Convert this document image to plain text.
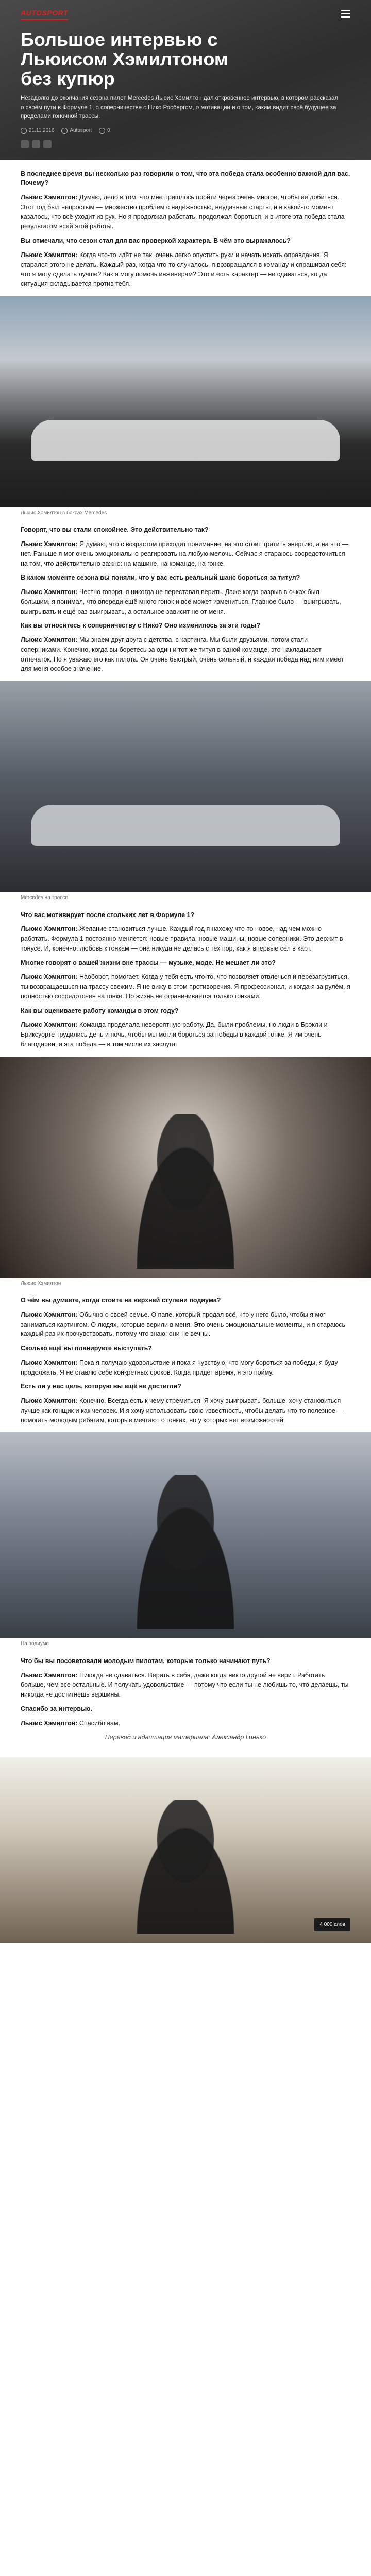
AUTOSPORT
Большое интервью с Льюисом Хэмилтоном без купюр

Незадолго до окончания сезона пилот Mercedes Льюис Хэмилтон дал откровенное интервью, в котором рассказал о своём пути в Формуле 1, о соперничестве с Нико Росбергом, о мотивации и о том, каким видит своё будущее за пределами гоночной трассы.

21.11.2016	Autosport	0

В последнее время вы несколько раз говорили о том, что эта победа стала особенно важной для вас. Почему?

Льюис Хэмилтон: Думаю, дело в том, что мне пришлось пройти через очень многое, чтобы её добиться. Этот год был непростым — множество проблем с надёжностью, неудачные старты, и в какой-то момент казалось, что всё уходит из рук. Но я продолжал работать, продолжал бороться, и в итоге эта победа стала результатом всей этой работы.

Вы отмечали, что сезон стал для вас проверкой характера. В чём это выражалось?

Льюис Хэмилтон: Когда что-то идёт не так, очень легко опустить руки и начать искать оправдания. Я старался этого не делать. Каждый раз, когда что-то случалось, я возвращался в команду и спрашивал себя: что я могу сделать лучше? Как я могу помочь инженерам? Это и есть характер — не сдаваться, когда ситуация складывается против тебя.

Льюис Хэмилтон в боксах Mercedes

Говорят, что вы стали спокойнее. Это действительно так?

Льюис Хэмилтон: Я думаю, что с возрастом приходит понимание, на что стоит тратить энергию, а на что — нет. Раньше я мог очень эмоционально реагировать на любую мелочь. Сейчас я стараюсь сосредоточиться на том, что действительно важно: на машине, на команде, на гонке.

В каком моменте сезона вы поняли, что у вас есть реальный шанс бороться за титул?

Льюис Хэмилтон: Честно говоря, я никогда не переставал верить. Даже когда разрыв в очках был большим, я понимал, что впереди ещё много гонок и всё может измениться. Главное было — выигрывать, выигрывать и ещё раз выигрывать, а остальное зависит не от меня.

Как вы относитесь к соперничеству с Нико? Оно изменилось за эти годы?

Льюис Хэмилтон: Мы знаем друг друга с детства, с картинга. Мы были друзьями, потом стали соперниками. Конечно, когда вы боретесь за один и тот же титул в одной команде, это накладывает отпечаток. Но я уважаю его как пилота. Он очень быстрый, очень сильный, и каждая победа над ним имеет для меня особое значение.

Mercedes на трассе

Что вас мотивирует после стольких лет в Формуле 1?

Льюис Хэмилтон: Желание становиться лучше. Каждый год я нахожу что-то новое, над чем можно работать. Формула 1 постоянно меняется: новые правила, новые машины, новые соперники. Это держит в тонусе. И, конечно, любовь к гонкам — она никуда не делась с тех пор, как я впервые сел в карт.

Многие говорят о вашей жизни вне трассы — музыке, моде. Не мешает ли это?

Льюис Хэмилтон: Наоборот, помогает. Когда у тебя есть что-то, что позволяет отвлечься и перезагрузиться, ты возвращаешься на трассу свежим. Я не вижу в этом противоречия. Я профессионал, и когда я за рулём, я полностью сосредоточен на гонке. Но жизнь не ограничивается только гонками.

Как вы оцениваете работу команды в этом году?

Льюис Хэмилтон: Команда проделала невероятную работу. Да, были проблемы, но люди в Брэкли и Бриксуорте трудились день и ночь, чтобы мы могли бороться за победы в каждой гонке. Я им очень благодарен, и эта победа — в том числе их заслуга.

Льюис Хэмилтон

О чём вы думаете, когда стоите на верхней ступени подиума?

Льюис Хэмилтон: Обычно о своей семье. О папе, который продал всё, что у него было, чтобы я мог заниматься картингом. О людях, которые верили в меня. Это очень эмоциональные моменты, и я стараюсь каждый раз их прочувствовать, потому что знаю: они не вечны.

Сколько ещё вы планируете выступать?

Льюис Хэмилтон: Пока я получаю удовольствие и пока я чувствую, что могу бороться за победы, я буду продолжать. Я не ставлю себе конкретных сроков. Когда придёт время, я это пойму.

Есть ли у вас цель, которую вы ещё не достигли?

Льюис Хэмилтон: Конечно. Всегда есть к чему стремиться. Я хочу выигрывать больше, хочу становиться лучше как гонщик и как человек. И я хочу использовать свою известность, чтобы делать что-то полезное — помогать молодым ребятам, которые мечтают о гонках, но у которых нет возможностей.

На подиуме

Что бы вы посоветовали молодым пилотам, которые только начинают путь?

Льюис Хэмилтон: Никогда не сдаваться. Верить в себя, даже когда никто другой не верит. Работать больше, чем все остальные. И получать удовольствие — потому что если ты не любишь то, что делаешь, ты никогда не достигнешь вершины.

Спасибо за интервью.

Льюис Хэмилтон: Спасибо вам.

Перевод и адаптация материала: Александр Гинько

4 000 слов
